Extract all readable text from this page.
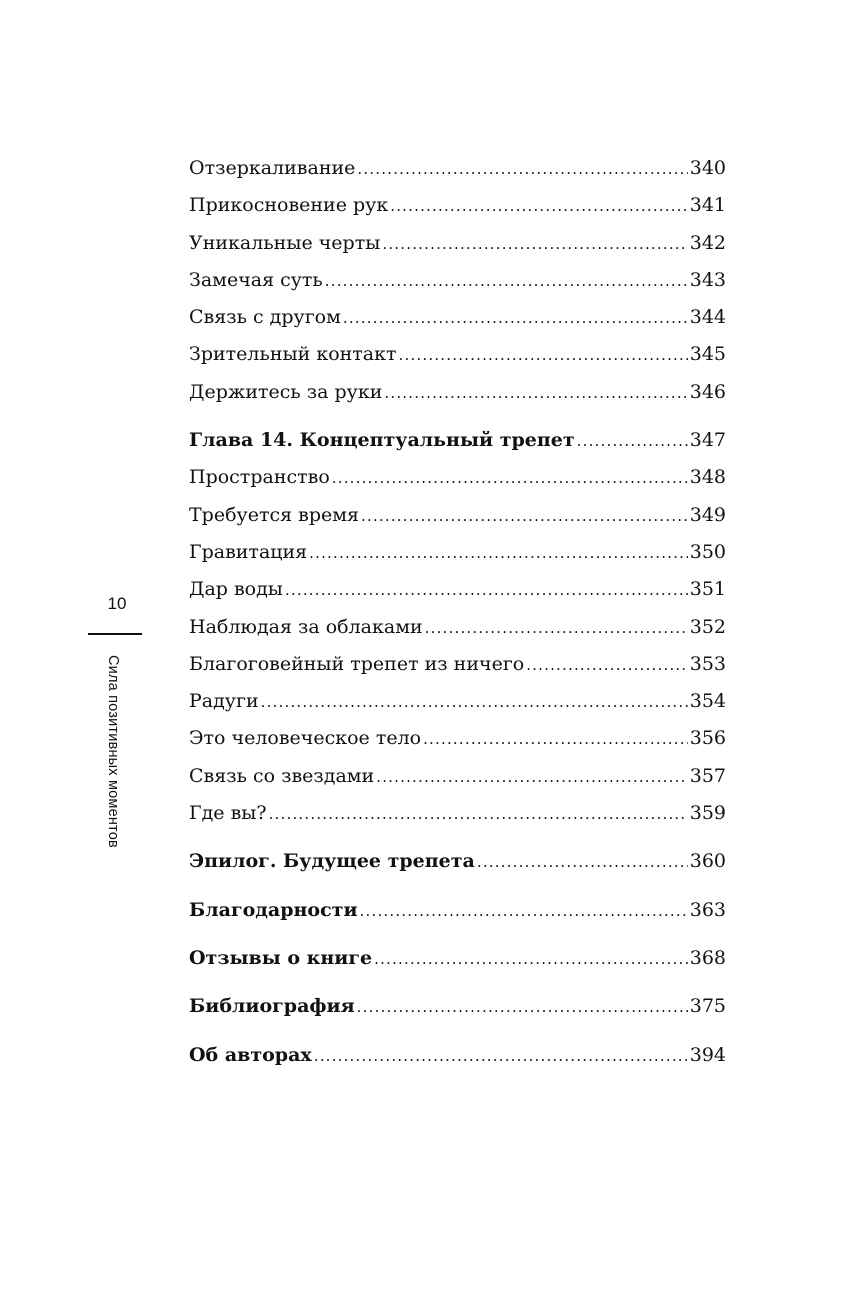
10
Сила позитивных моментов
Отзеркаливание .....	340
Прикосновение рук .....	341
Уникальные черты .....	342
Замечая суть .....	343
Связь с другом .....	344
Зрительный контакт .....	345
Держитесь за руки .....	346
Глава 14. Концептуальный трепет .....	347
Пространство .....	348
Требуется время .....	349
Гравитация .....	350
Дар воды .....	351
Наблюдая за облаками .....	352
Благоговейный трепет из ничего .....	353
Радуги .....	354
Это человеческое тело .....	356
Связь со звездами .....	357
Где вы? .....	359
Эпилог. Будущее трепета .....	360
Благодарности .....	363
Отзывы о книге .....	368
Библиография .....	375
Об авторах .....	394
